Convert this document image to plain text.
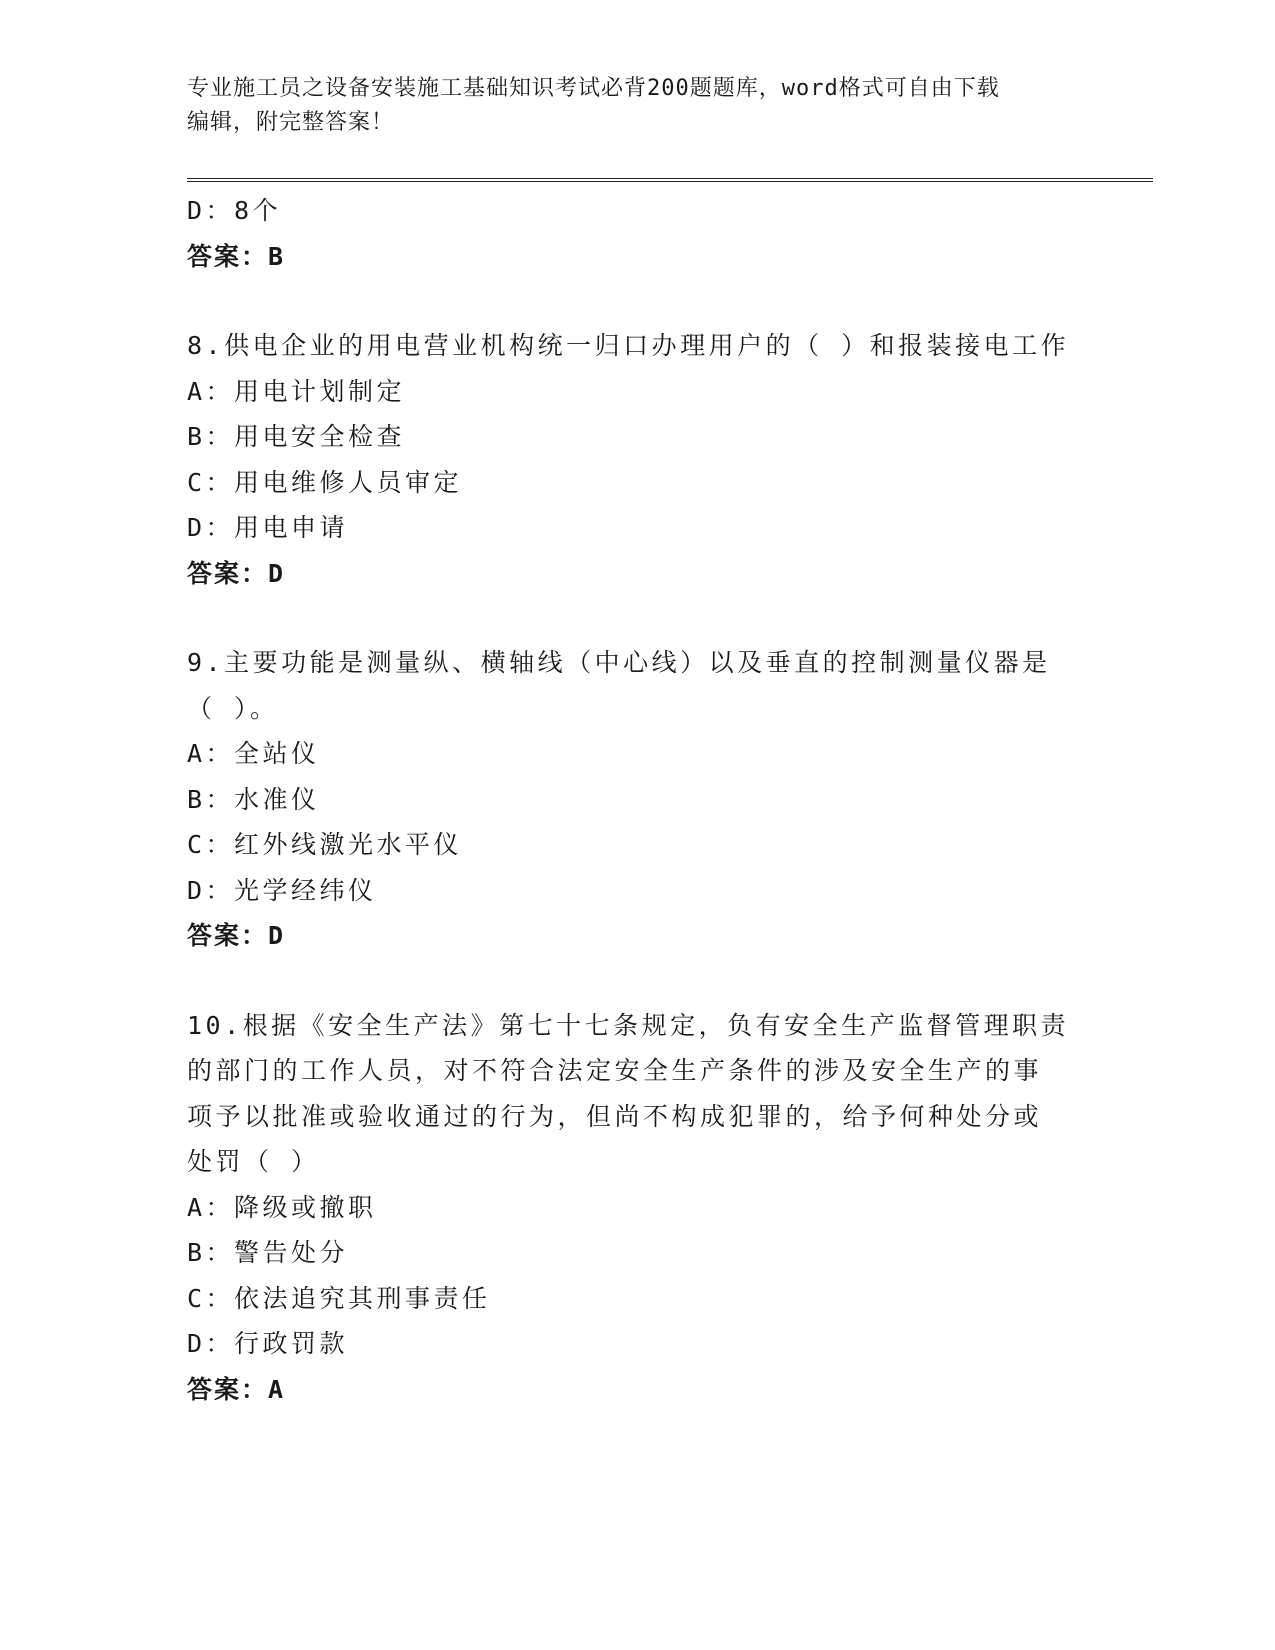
专业施工员之设备安装施工基础知识考试必背200题题库，word格式可自由下载
编辑，附完整答案！
D：8个
答案：B
8.供电企业的用电营业机构统一归口办理用户的（ ）和报装接电工作
A：用电计划制定
B：用电安全检查
C：用电维修人员审定
D：用电申请
答案：D
9.主要功能是测量纵、横轴线（中心线）以及垂直的控制测量仪器是
（ ）。
A：全站仪
B：水准仪
C：红外线激光水平仪
D：光学经纬仪
答案：D
10.根据《安全生产法》第七十七条规定，负有安全生产监督管理职责
的部门的工作人员，对不符合法定安全生产条件的涉及安全生产的事
项予以批准或验收通过的行为，但尚不构成犯罪的，给予何种处分或
处罚（ ）
A：降级或撤职
B：警告处分
C：依法追究其刑事责任
D：行政罚款
答案：A
